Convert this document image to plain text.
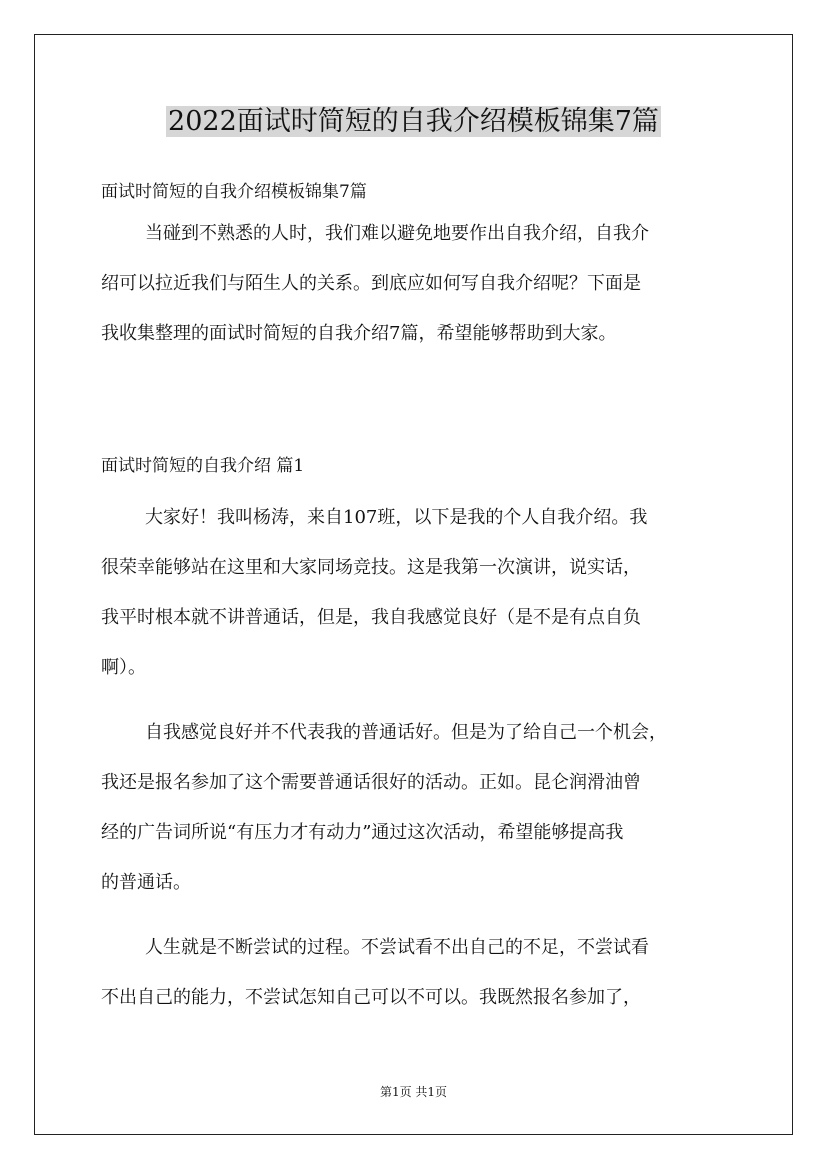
2022面试时简短的自我介绍模板锦集7篇
面试时简短的自我介绍模板锦集7篇

当碰到不熟悉的人时，我们难以避免地要作出自我介绍，自我介
绍可以拉近我们与陌生人的关系。到底应如何写自我介绍呢？下面是
我收集整理的面试时简短的自我介绍7篇，希望能够帮助到大家。

面试时简短的自我介绍 篇1

大家好！我叫杨涛，来自107班，以下是我的个人自我介绍。我
很荣幸能够站在这里和大家同场竞技。这是我第一次演讲，说实话，
我平时根本就不讲普通话，但是，我自我感觉良好（是不是有点自负
啊）。

自我感觉良好并不代表我的普通话好。但是为了给自己一个机会，
我还是报名参加了这个需要普通话很好的活动。正如。昆仑润滑油曾
经的广告词所说“有压力才有动力”通过这次活动，希望能够提高我
的普通话。

人生就是不断尝试的过程。不尝试看不出自己的不足，不尝试看
不出自己的能力，不尝试怎知自己可以不可以。我既然报名参加了，

第1页 共1页
